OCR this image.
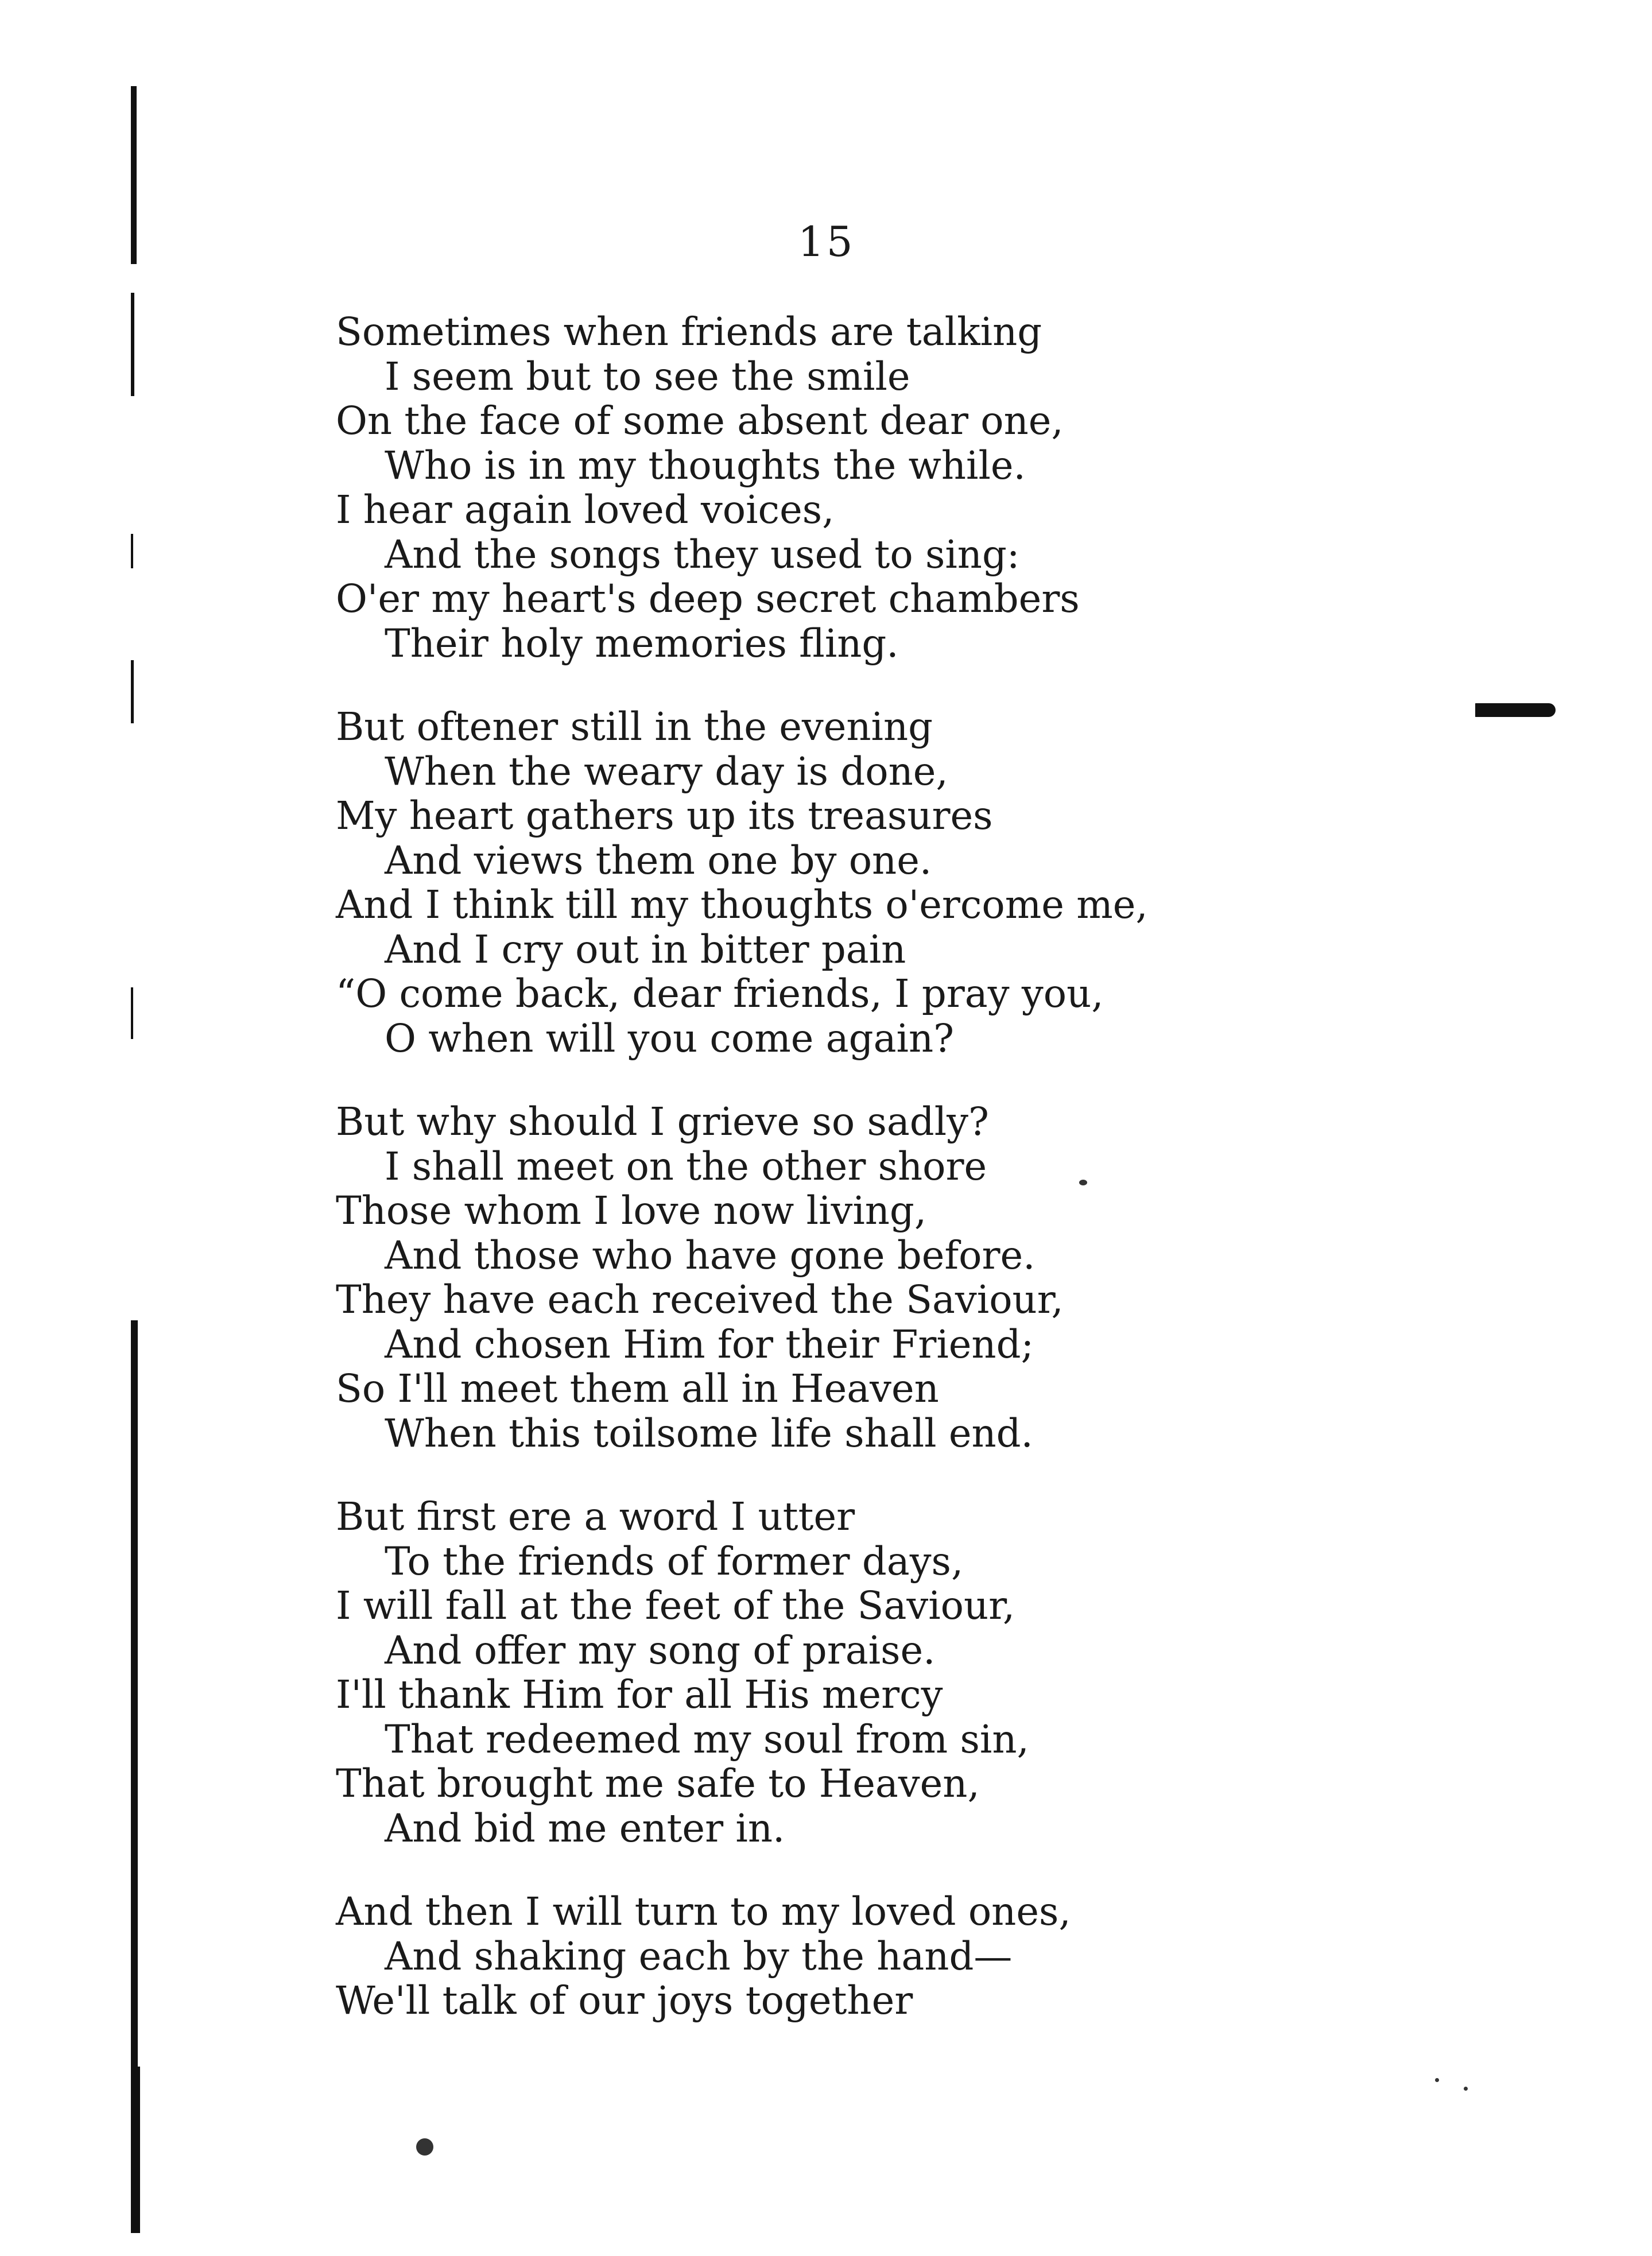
15
Sometimes when friends are talking
I seem but to see the smile
On the face of some absent dear one,
Who is in my thoughts the while.
I hear again loved voices,
And the songs they used to sing:
O'er my heart's deep secret chambers
Their holy memories fling.
But oftener still in the evening
When the weary day is done,
My heart gathers up its treasures
And views them one by one.
And I think till my thoughts o'ercome me,
And I cry out in bitter pain
“O come back, dear friends, I pray you,
O when will you come again?
But why should I grieve so sadly?
I shall meet on the other shore
Those whom I love now living,
And those who have gone before.
They have each received the Saviour,
And chosen Him for their Friend;
So I'll meet them all in Heaven
When this toilsome life shall end.
But first ere a word I utter
To the friends of former days,
I will fall at the feet of the Saviour,
And offer my song of praise.
I'll thank Him for all His mercy
That redeemed my soul from sin,
That brought me safe to Heaven,
And bid me enter in.
And then I will turn to my loved ones,
And shaking each by the hand—
We'll talk of our joys together
